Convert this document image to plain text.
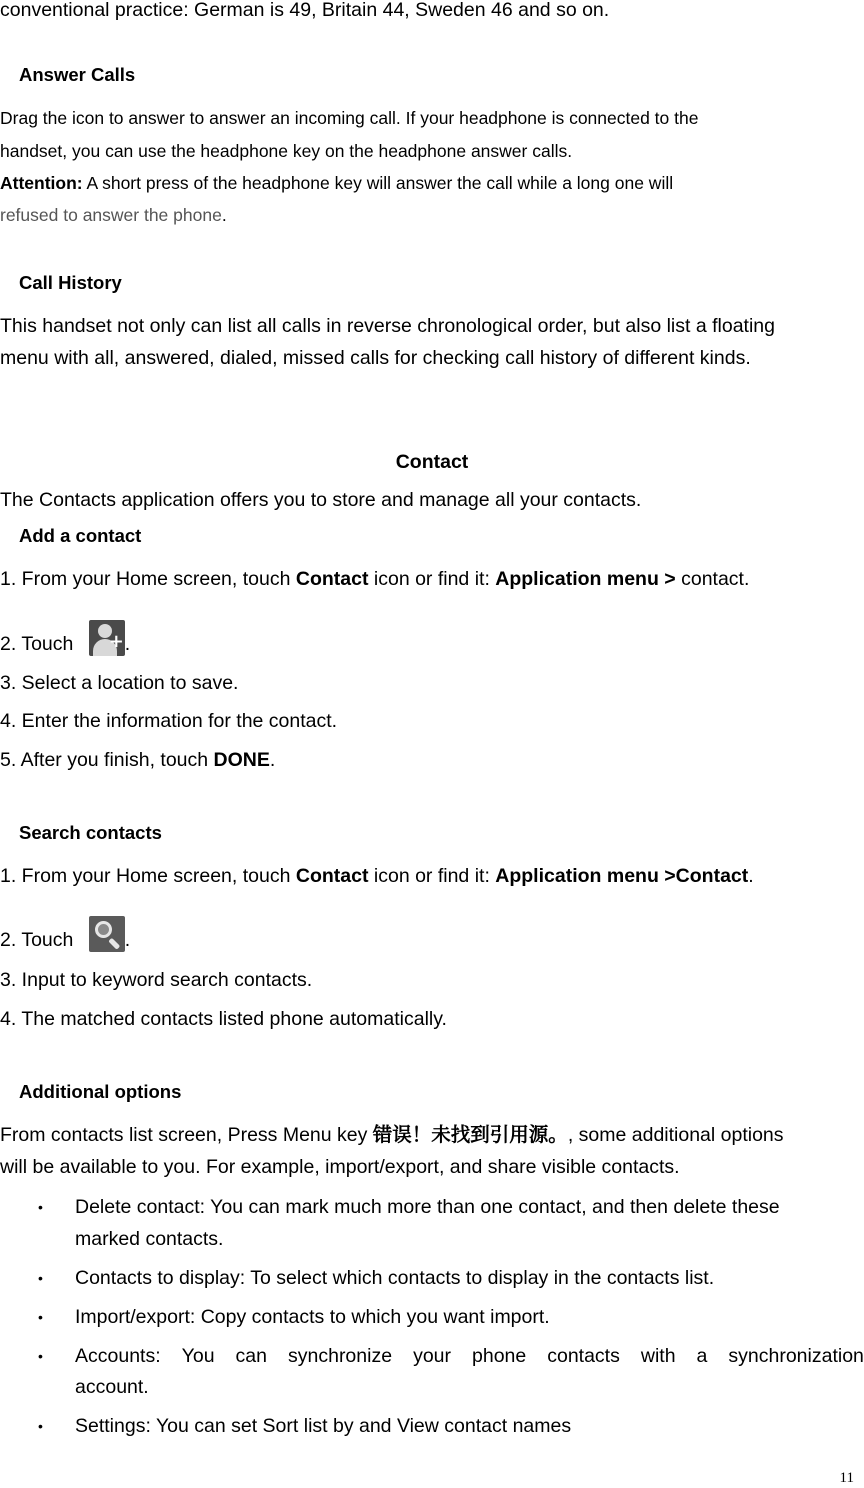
conventional practice: German is 49, Britain 44, Sweden 46 and so on.

Answer Calls

Drag the icon to answer to answer an incoming call. If your headphone is connected to the

handset, you can use the headphone key on the headphone answer calls.

Attention: A short press of the headphone key will answer the call while a long one will

refused to answer the phone.

Call History

This handset not only can list all calls in reverse chronological order, but also list a floating

menu with all, answered, dialed, missed calls for checking call history of different kinds.

Contact

The Contacts application offers you to store and manage all your contacts.

Add a contact

1. From your Home screen, touch Contact icon or find it: Application menu > contact.

2. Touch + .

3. Select a location to save.

4. Enter the information for the contact.

5. After you finish, touch DONE.

Search contacts

1. From your Home screen, touch Contact icon or find it: Application menu >Contact.

2. Touch
.

3. Input to keyword search contacts.

4. The matched contacts listed phone automatically.

Additional options

From contacts list screen, Press Menu key 错误！未找到引用源。, some additional options

will be available to you. For example, import/export, and share visible contacts.

• Delete contact: You can mark much more than one contact, and then delete these

marked contacts.

• Contacts to display: To select which contacts to display in the contacts list.

• Import/export: Copy contacts to which you want import.

• Accounts: You can synchronize your phone contacts with a synchronization

account.

• Settings: You can set Sort list by and View contact names

11
